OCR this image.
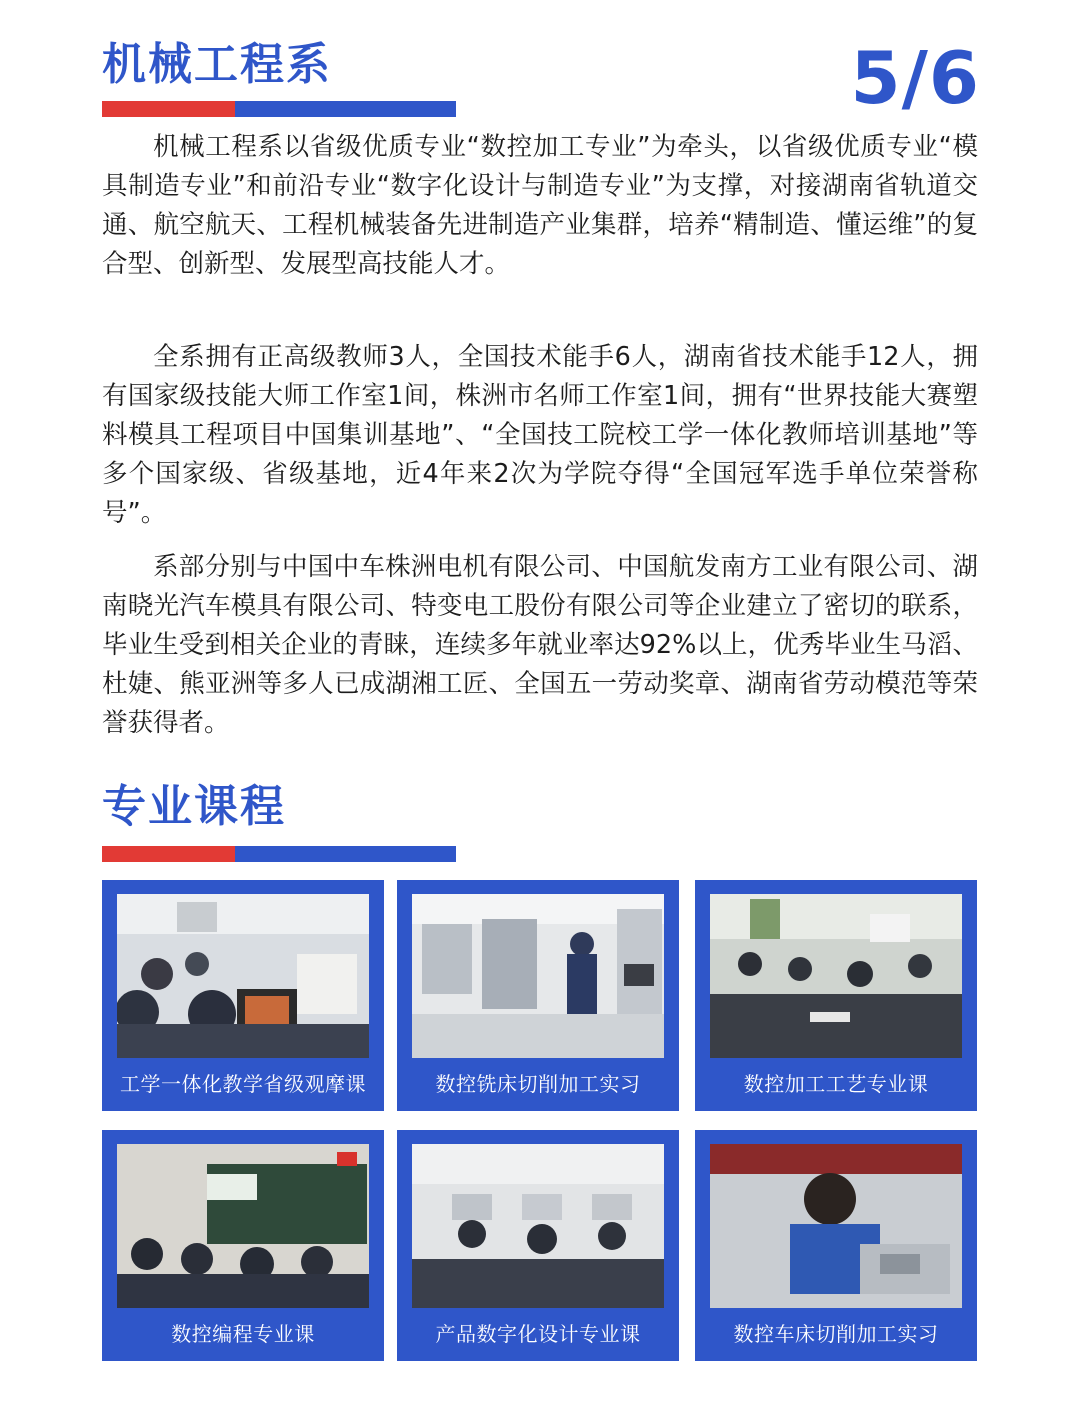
机械工程系	5/6

机械工程系以省级优质专业“数控加工专业”为牵头，以省级优质专业“模具制造专业”和前沿专业“数字化设计与制造专业”为支撑，对接湖南省轨道交通、航空航天、工程机械装备先进制造产业集群，培养“精制造、懂运维”的复合型、创新型、发展型高技能人才。

全系拥有正高级教师3人，全国技术能手6人，湖南省技术能手12人，拥有国家级技能大师工作室1间，株洲市名师工作室1间，拥有“世界技能大赛塑料模具工程项目中国集训基地”、“全国技工院校工学一体化教师培训基地”等多个国家级、省级基地，近4年来2次为学院夺得“全国冠军选手单位荣誉称号”。

系部分别与中国中车株洲电机有限公司、中国航发南方工业有限公司、湖南晓光汽车模具有限公司、特变电工股份有限公司等企业建立了密切的联系，毕业生受到相关企业的青睐，连续多年就业率达92%以上，优秀毕业生马滔、杜婕、熊亚洲等多人已成湖湘工匠、全国五一劳动奖章、湖南省劳动模范等荣誉获得者。

专业课程
工学一体化教学省级观摩课	数控铣床切削加工实习	数控加工工艺专业课
数控编程专业课	产品数字化设计专业课	数控车床切削加工实习
